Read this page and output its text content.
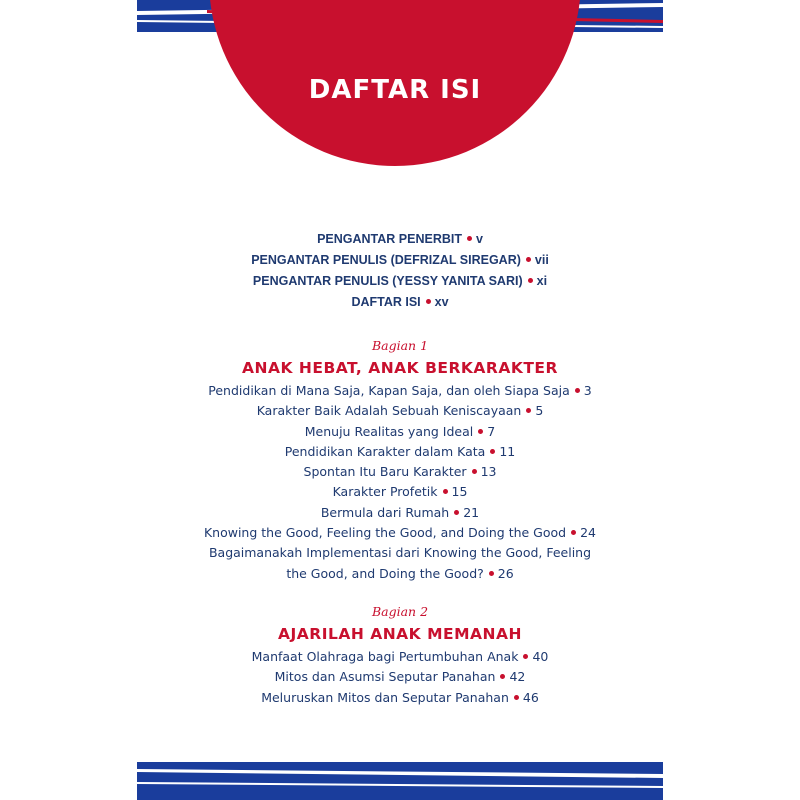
DAFTAR ISI
PENGANTAR PENERBIT v
PENGANTAR PENULIS (DEFRIZAL SIREGAR) vii
PENGANTAR PENULIS (YESSY YANITA SARI) xi
DAFTAR ISI xv
Bagian 1
ANAK HEBAT, ANAK BERKARAKTER
Pendidikan di Mana Saja, Kapan Saja, dan oleh Siapa Saja 3
Karakter Baik Adalah Sebuah Keniscayaan 5
Menuju Realitas yang Ideal 7
Pendidikan Karakter dalam Kata 11
Spontan Itu Baru Karakter 13
Karakter Profetik 15
Bermula dari Rumah 21
Knowing the Good, Feeling the Good, and Doing the Good 24
Bagaimanakah Implementasi dari Knowing the Good, Feeling the Good, and Doing the Good? 26
Bagian 2
AJARILAH ANAK MEMANAH
Manfaat Olahraga bagi Pertumbuhan Anak 40
Mitos dan Asumsi Seputar Panahan 42
Meluruskan Mitos dan Seputar Panahan 46
